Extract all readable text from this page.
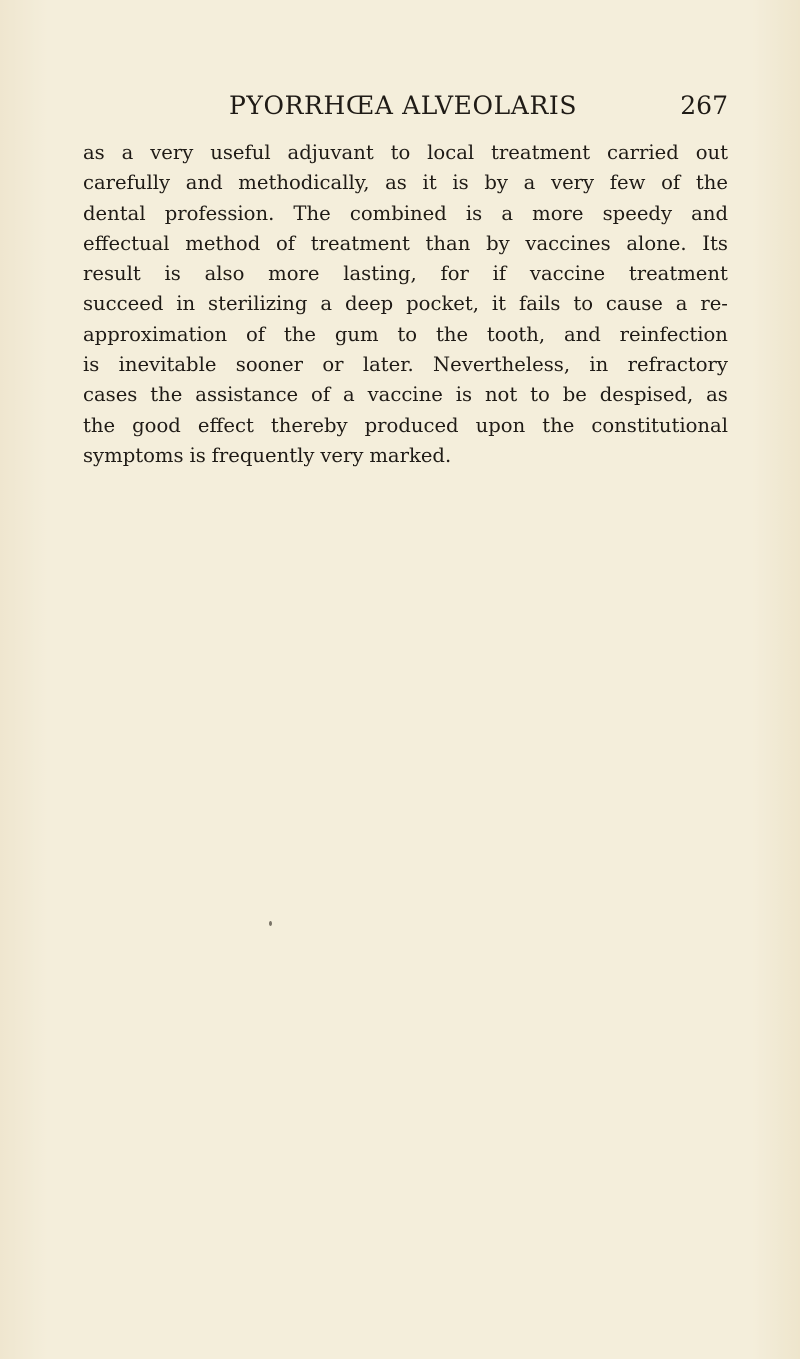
PYORRHŒA ALVEOLARIS	267
as a very useful adjuvant to local treatment carried out
carefully and methodically, as it is by a very few of the
dental profession. The combined is a more speedy and
effectual method of treatment than by vaccines alone. Its
result is also more lasting, for if vaccine treatment
succeed in sterilizing a deep pocket, it fails to cause a re-
approximation of the gum to the tooth, and reinfection
is inevitable sooner or later. Nevertheless, in refractory
cases the assistance of a vaccine is not to be despised, as
the good effect thereby produced upon the constitutional
symptoms is frequently very marked.
